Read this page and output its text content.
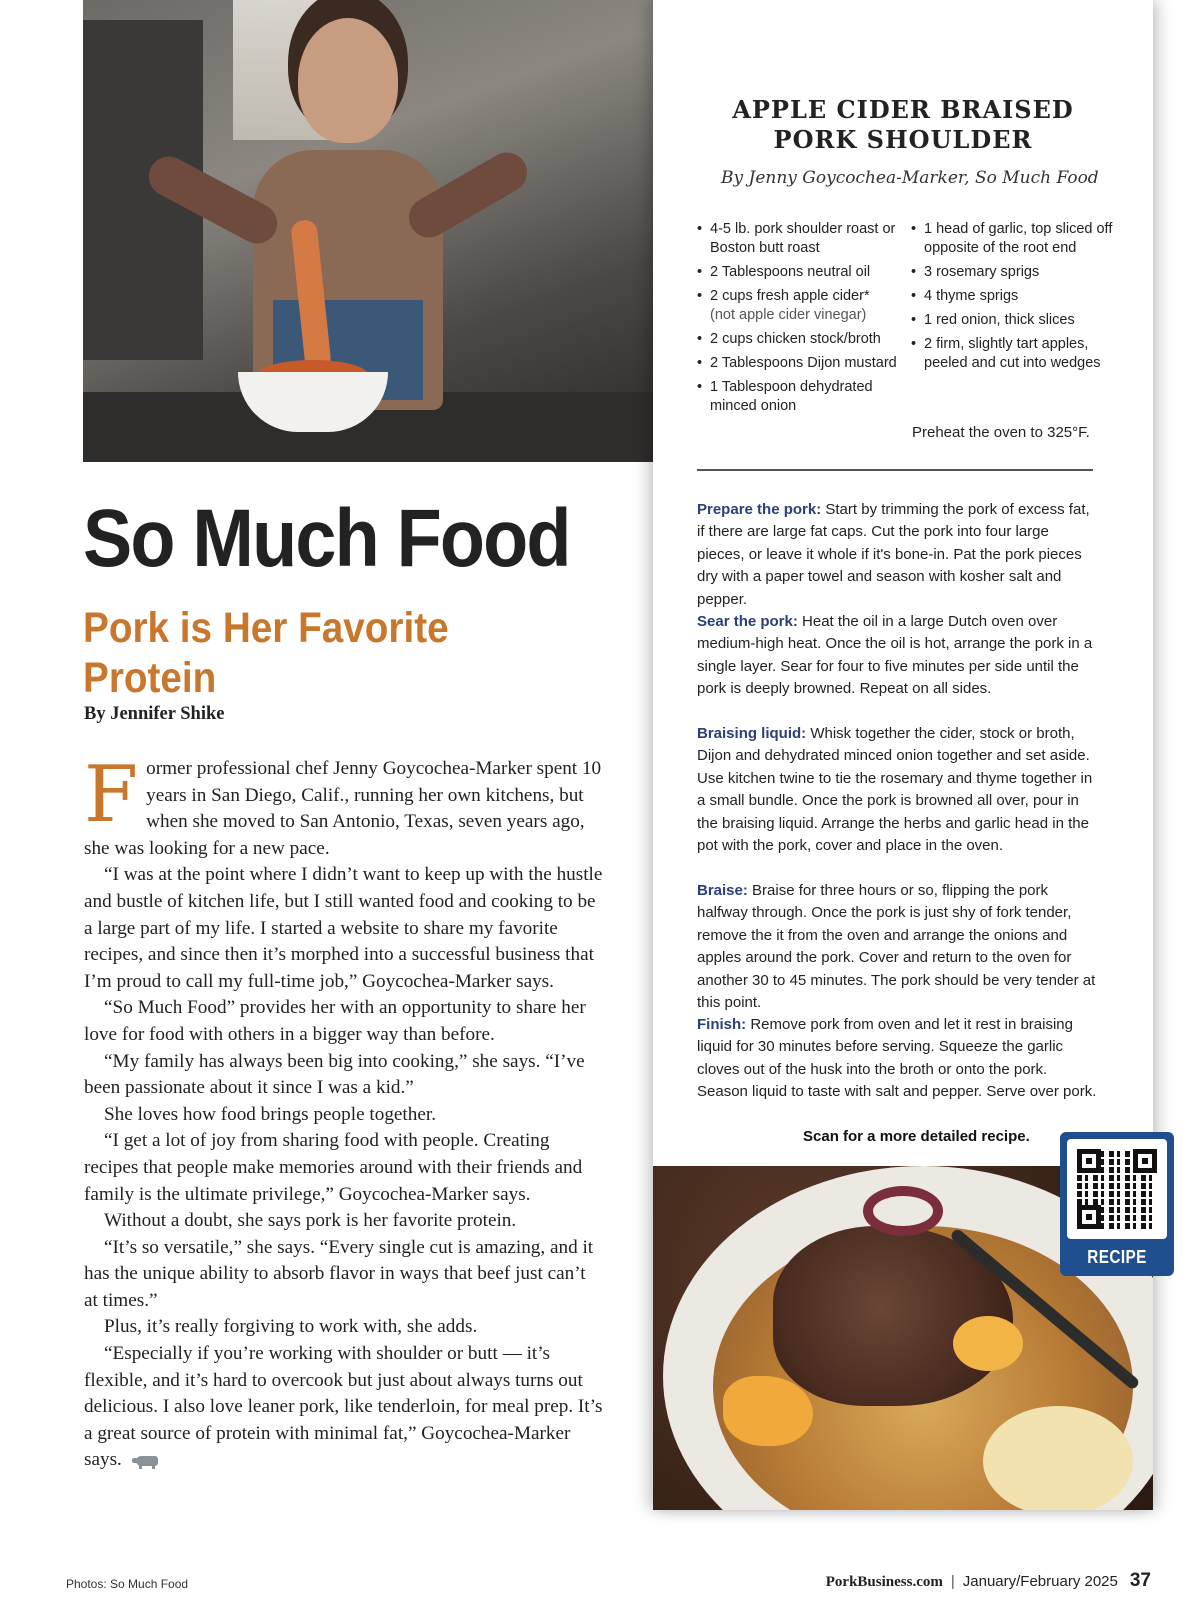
APPLE CIDER BRAISED
PORK SHOULDER
By Jenny Goycochea-Marker, So Much Food
• 4-5 lb. pork shoulder roast or Boston butt roast
• 2 Tablespoons neutral oil
• 2 cups fresh apple cider*
(not apple cider vinegar)
• 2 cups chicken stock/broth
• 2 Tablespoons Dijon mustard
• 1 Tablespoon dehydrated minced onion
• 1 head of garlic, top sliced off opposite of the root end
• 3 rosemary sprigs
• 4 thyme sprigs
• 1 red onion, thick slices
• 2 firm, slightly tart apples, peeled and cut into wedges
Preheat the oven to 325°F.

Prepare the pork: Start by trimming the pork of excess fat, if there are large fat caps. Cut the pork into four large pieces, or leave it whole if it's bone-in. Pat the pork pieces dry with a paper towel and season with kosher salt and pepper.

Sear the pork: Heat the oil in a large Dutch oven over medium-high heat. Once the oil is hot, arrange the pork in a single layer. Sear for four to five minutes per side until the pork is deeply browned. Repeat on all sides.

Braising liquid: Whisk together the cider, stock or broth, Dijon and dehydrated minced onion together and set aside. Use kitchen twine to tie the rosemary and thyme together in a small bundle. Once the pork is browned all over, pour in the braising liquid. Arrange the herbs and garlic head in the pot with the pork, cover and place in the oven.

Braise: Braise for three hours or so, flipping the pork halfway through. Once the pork is just shy of fork tender, remove the it from the oven and arrange the onions and apples around the pork. Cover and return to the oven for another 30 to 45 minutes. The pork should be very tender at this point.

Finish: Remove pork from oven and let it rest in braising liquid for 30 minutes before serving. Squeeze the garlic cloves out of the husk into the broth or onto the pork. Season liquid to taste with salt and pepper. Serve over pork.

Scan for a more detailed recipe.
RECIPE
So Much Food
Pork is Her Favorite Protein
By Jennifer Shike

Former professional chef Jenny Goycochea-Marker spent 10 years in San Diego, Calif., running her own kitchens, but when she moved to San Antonio, Texas, seven years ago, she was looking for a new pace.

“I was at the point where I didn’t want to keep up with the hustle and bustle of kitchen life, but I still wanted food and cooking to be a large part of my life. I started a website to share my favorite recipes, and since then it’s morphed into a successful business that I’m proud to call my full-time job,” Goycochea-Marker says.

“So Much Food” provides her with an opportunity to share her love for food with others in a bigger way than before.

“My family has always been big into cooking,” she says. “I’ve been passionate about it since I was a kid.”

She loves how food brings people together.

“I get a lot of joy from sharing food with people. Creating recipes that people make memories around with their friends and family is the ultimate privilege,” Goycochea-Marker says.

Without a doubt, she says pork is her favorite protein.

“It’s so versatile,” she says. “Every single cut is amazing, and it has the unique ability to absorb flavor in ways that beef just can’t at times.”

Plus, it’s really forgiving to work with, she adds.

“Especially if you’re working with shoulder or butt — it’s flexible, and it’s hard to overcook but just about always turns out delicious. I also love leaner pork, like tenderloin, for meal prep. It’s a great source of protein with minimal fat,” Goycochea-Marker says.

Photos: So Much Food	PorkBusiness.com | January/February 2025 37
